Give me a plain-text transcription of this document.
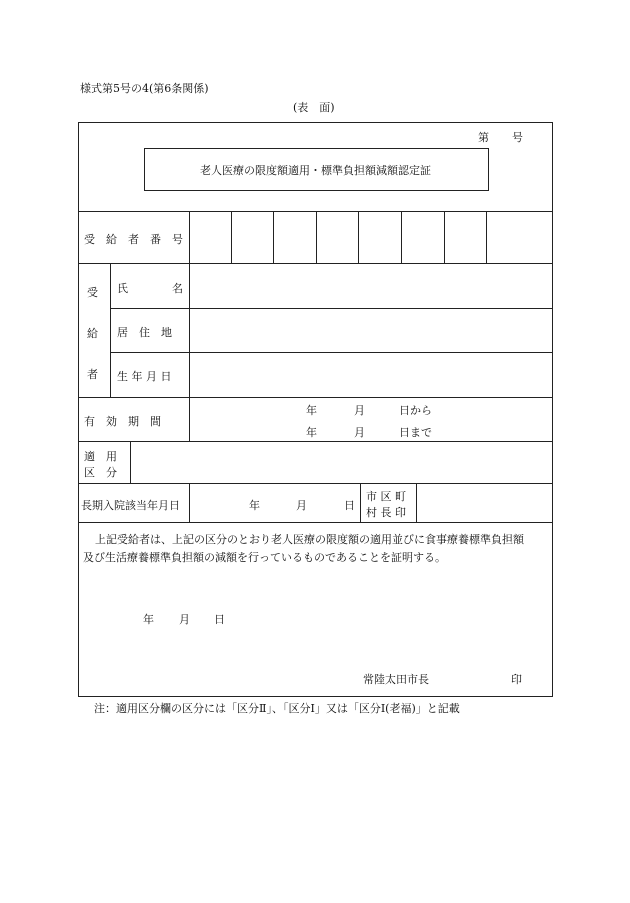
様式第5号の4(第6条関係)
(表　面)
第 号
老人医療の限度額適用・標準負担額減額認定証
受　給　者　番　号
受
給
者
氏　　　　名
居　住　地
生 年 月 日
有　効　期　間
年	月	日から
年	月	日まで
適　用
区　分
長期入院該当年月日	年	月	日
市 区 町
村 長 印
上記受給者は、上記の区分のとおり老人医療の限度額の適用並びに食事療養標準負担額
及び生活療養標準負担額の減額を行っているものであることを証明する。
年 月 日
常陸太田市長	印
注：適用区分欄の区分には「区分Ⅱ」、「区分Ⅰ」又は「区分Ⅰ(老福)」と記載
